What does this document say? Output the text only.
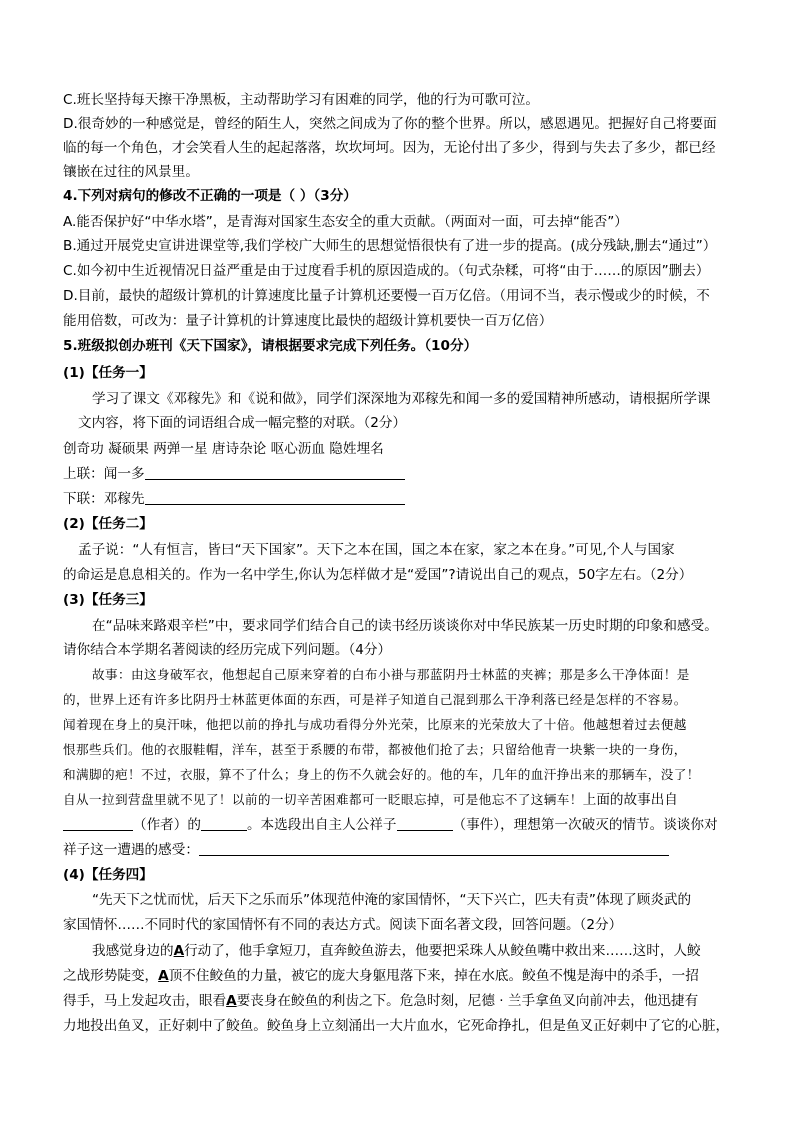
C.班长坚持每天擦干净黑板，主动帮助学习有困难的同学，他的行为可歌可泣。
D.很奇妙的一种感觉是，曾经的陌生人，突然之间成为了你的整个世界。所以，感恩遇见。把握好自己将要面
临的每一个角色，才会笑看人生的起起落落，坎坎坷坷。因为，无论付出了多少，得到与失去了多少，都已经
镶嵌在过往的风景里。
4.下列对病句的修改不正确的一项是（ ）（3分）
A.能否保护好“中华水塔”，是青海对国家生态安全的重大贡献。（两面对一面，可去掉“能否”）
B.通过开展党史宣讲进课堂等,我们学校广大师生的思想觉悟很快有了进一步的提高。(成分残缺,删去“通过”）
C.如今初中生近视情况日益严重是由于过度看手机的原因造成的。（句式杂糅，可将“由于……的原因”删去）
D.目前，最快的超级计算机的计算速度比量子计算机还要慢一百万亿倍。（用词不当，表示慢或少的时候，不
能用倍数，可改为：量子计算机的计算速度比最快的超级计算机要快一百万亿倍）
5.班级拟创办班刊《天下国家》，请根据要求完成下列任务。（10分）
(1)【任务一】
学习了课文《邓稼先》和《说和做》，同学们深深地为邓稼先和闻一多的爱国精神所感动，请根据所学课
文内容，将下面的词语组合成一幅完整的对联。（2分）
创奇功 凝硕果 两弹一星 唐诗杂论 呕心沥血 隐姓埋名
上联：闻一多
下联：邓稼先
(2)【任务二】
孟子说：“人有恒言，皆曰“天下国家”。天下之本在国，国之本在家，家之本在身。”可见,个人与国家
的命运是息息相关的。作为一名中学生,你认为怎样做才是“爱国”?请说出自己的观点，50字左右。（2分）
(3)【任务三】
在“品味来路艰辛栏”中，要求同学们结合自己的读书经历谈谈你对中华民族某一历史时期的印象和感受。
请你结合本学期名著阅读的经历完成下列问题。（4分）
故事：由这身破军衣，他想起自己原来穿着的白布小褂与那蓝阴丹士林蓝的夹裤；那是多么干净体面！是
的，世界上还有许多比阴丹士林蓝更体面的东西，可是祥子知道自己混到那么干净利落已经是怎样的不容易。
闻着现在身上的臭汗味，他把以前的挣扎与成功看得分外光荣，比原来的光荣放大了十倍。他越想着过去便越
恨那些兵们。他的衣服鞋帽，洋车，甚至于系腰的布带，都被他们抢了去；只留给他青一块紫一块的一身伤，
和满脚的疤！不过，衣服，算不了什么；身上的伤不久就会好的。他的车，几年的血汗挣出来的那辆车，没了！
自从一拉到营盘里就不见了！以前的一切辛苦困难都可一眨眼忘掉，可是他忘不了这辆车！上面的故事出自
（作者）的	。本选段出自主人公祥子	（事件），理想第一次破灭的情节。谈谈你对
祥子这一遭遇的感受：
(4)【任务四】
“先天下之忧而忧，后天下之乐而乐”体现范仲淹的家国情怀，“天下兴亡，匹夫有责”体现了顾炎武的
家国情怀……不同时代的家国情怀有不同的表达方式。阅读下面名著文段，回答问题。（2分）
我感觉身边的A行动了，他手拿短刀，直奔鲛鱼游去，他要把采珠人从鲛鱼嘴中救出来……这时，人鲛
之战形势陡变，A顶不住鲛鱼的力量，被它的庞大身躯甩落下来，掉在水底。鲛鱼不愧是海中的杀手，一招
得手，马上发起攻击，眼看A要丧身在鲛鱼的利齿之下。危急时刻，尼德 · 兰手拿鱼叉向前冲去，他迅捷有
力地投出鱼叉，正好刺中了鲛鱼。鲛鱼身上立刻涌出一大片血水，它死命挣扎，但是鱼叉正好刺中了它的心脏，
